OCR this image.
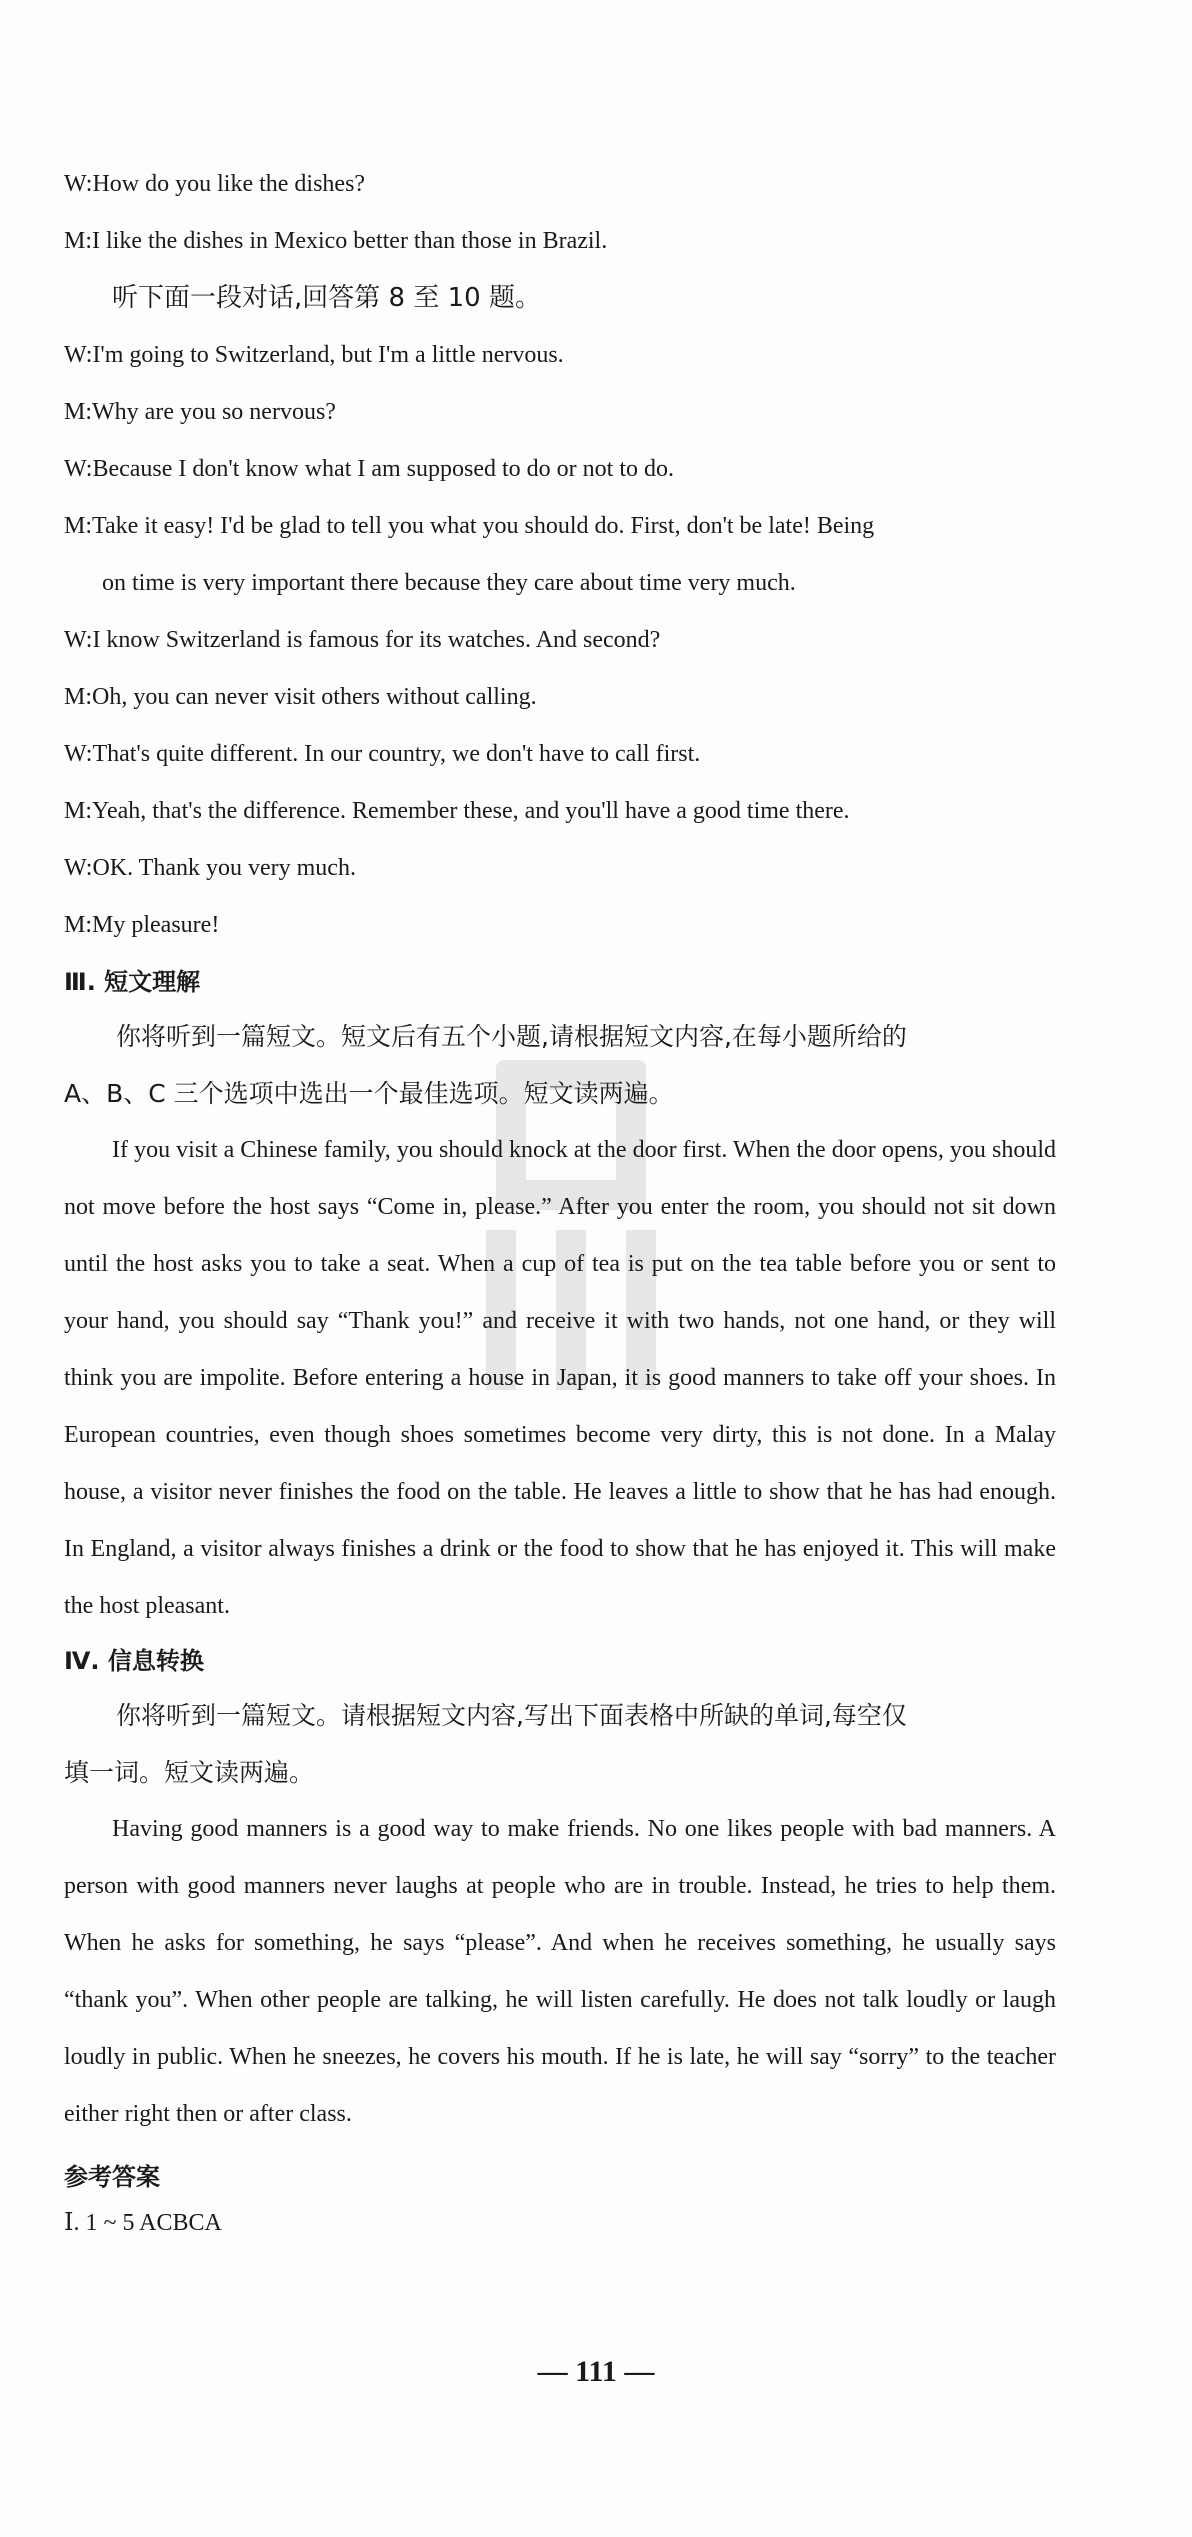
W:How do you like the dishes?
M:I like the dishes in Mexico better than those in Brazil.
听下面一段对话,回答第 8 至 10 题。
W:I'm going to Switzerland, but I'm a little nervous.
M:Why are you so nervous?
W:Because I don't know what I am supposed to do or not to do.
M:Take it easy! I'd be glad to tell you what you should do. First, don't be late! Being
on time is very important there because they care about time very much.
W:I know Switzerland is famous for its watches. And second?
M:Oh, you can never visit others without calling.
W:That's quite different. In our country, we don't have to call first.
M:Yeah, that's the difference. Remember these, and you'll have a good time there.
W:OK. Thank you very much.
M:My pleasure!
Ⅲ. 短文理解

你将听到一篇短文。短文后有五个小题,请根据短文内容,在每小题所给的
A、B、C 三个选项中选出一个最佳选项。短文读两遍。

If you visit a Chinese family, you should knock at the door first. When the door opens, you should not move before the host says “Come in, please.” After you enter the room, you should not sit down until the host asks you to take a seat. When a cup of tea is put on the tea table before you or sent to your hand, you should say “Thank you!” and receive it with two hands, not one hand, or they will think you are impolite. Before entering a house in Japan, it is good manners to take off your shoes. In European countries, even though shoes sometimes become very dirty, this is not done. In a Malay house, a visitor never finishes the food on the table. He leaves a little to show that he has had enough. In England, a visitor always finishes a drink or the food to show that he has enjoyed it. This will make the host pleasant.

Ⅳ. 信息转换

你将听到一篇短文。请根据短文内容,写出下面表格中所缺的单词,每空仅
填一词。短文读两遍。

Having good manners is a good way to make friends. No one likes people with bad manners. A person with good manners never laughs at people who are in trouble. Instead, he tries to help them. When he asks for something, he says “please”. And when he receives something, he usually says “thank you”. When other people are talking, he will listen carefully. He does not talk loudly or laugh loudly in public. When he sneezes, he covers his mouth. If he is late, he will say “sorry” to the teacher either right then or after class.

参考答案
Ⅰ. 1 ~ 5 ACBCA
— 111 —
